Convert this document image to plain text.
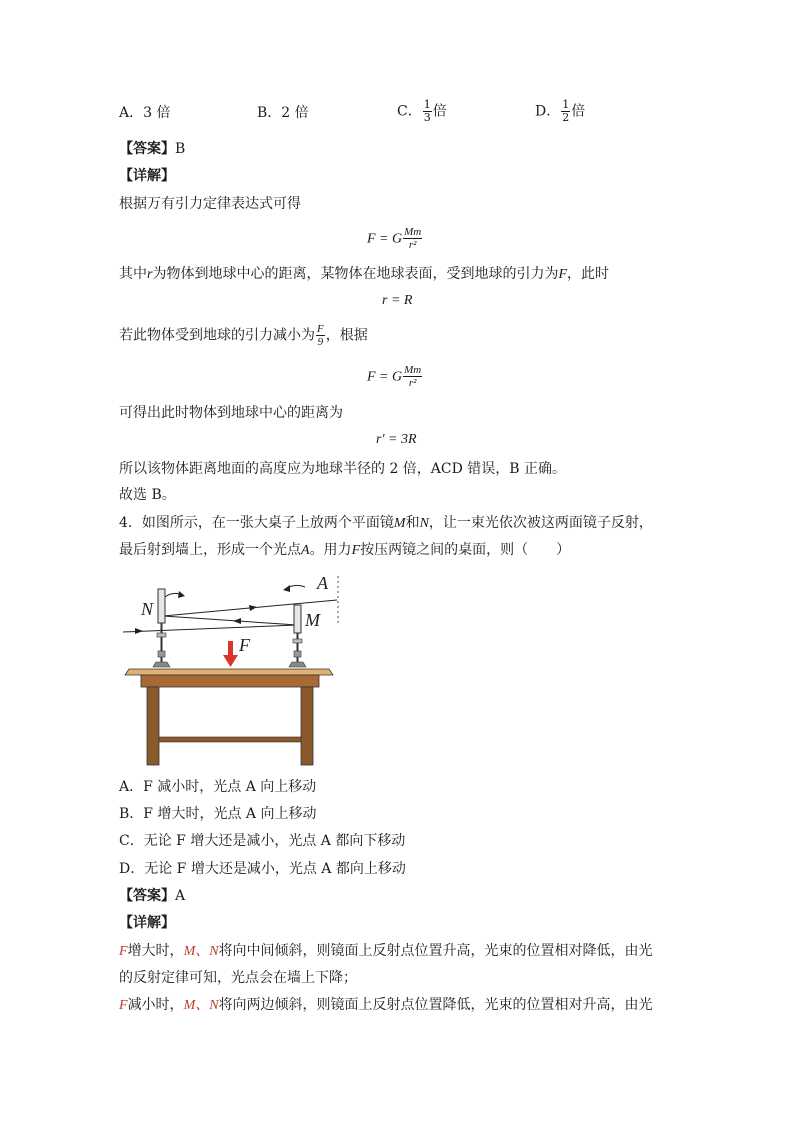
A．3 倍	B．2 倍	C． $\frac{1}{3}$ 倍	D． $\frac{1}{2}$ 倍
【答案】B
【详解】
根据万有引力定律表达式可得
F = G $\frac{Mm}{\text{r²}}$
其中r为物体到地球中心的距离，某物体在地球表面，受到地球的引力为F，此时
r = R
若此物体受到地球的引力减小为 $\frac{F}{9}$ ，根据
F = G $\frac{Mm}{\text{r²}}$
可得出此时物体到地球中心的距离为
r′ = 3R
所以该物体距离地面的高度应为地球半径的 2 倍，ACD 错误，B 正确。
故选 B。
4．如图所示，在一张大桌子上放两个平面镜M和N，让一束光依次被这两面镜子反射，
最后射到墙上，形成一个光点A。用力F按压两镜之间的桌面，则（　　）
N
M
A
F
A．F 减小时，光点 A 向上移动
B．F 增大时，光点 A 向上移动
C．无论 F 增大还是减小，光点 A 都向下移动
D．无论 F 增大还是减小，光点 A 都向上移动
【答案】A
【详解】
F增大时，M、N将向中间倾斜，则镜面上反射点位置升高，光束的位置相对降低，由光
的反射定律可知，光点会在墙上下降；
F减小时，M、N将向两边倾斜，则镜面上反射点位置降低，光束的位置相对升高，由光
